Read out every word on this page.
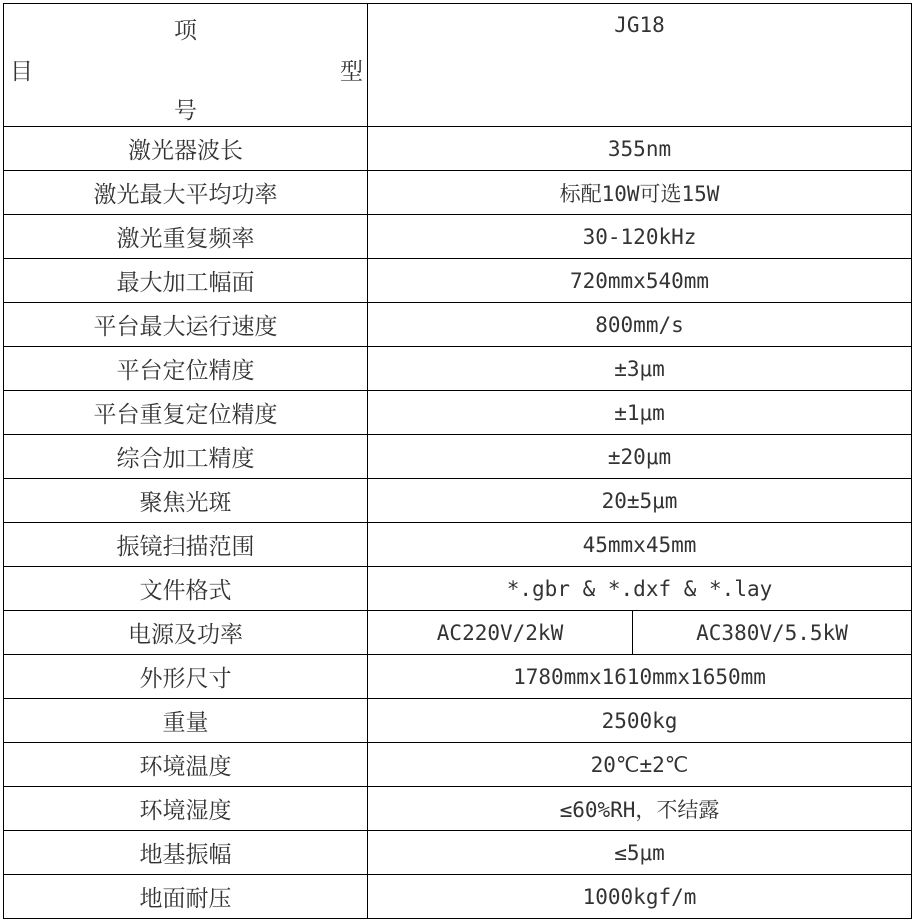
项
目 型
号	JG18	

激光器波长	355nm	
激光最大平均功率	标配10W可选15W	
激光重复频率	30-120kHz	
最大加工幅面	720mmx540mm	
平台最大运行速度	800mm/s	
平台定位精度	±3μm	
平台重复定位精度	±1μm	
综合加工精度	±20μm	
聚焦光斑	20±5μm	
振镜扫描范围	45mmx45mm	
文件格式	*.gbr & *.dxf & *.lay	
电源及功率	AC220V/2kW	AC380V/5.5kW
外形尺寸	1780mmx1610mmx1650mm	
重量	2500kg	
环境温度	20℃±2℃	
环境湿度	≤60%RH，不结露	
地基振幅	≤5μm	
地面耐压	1000kgf/m	
